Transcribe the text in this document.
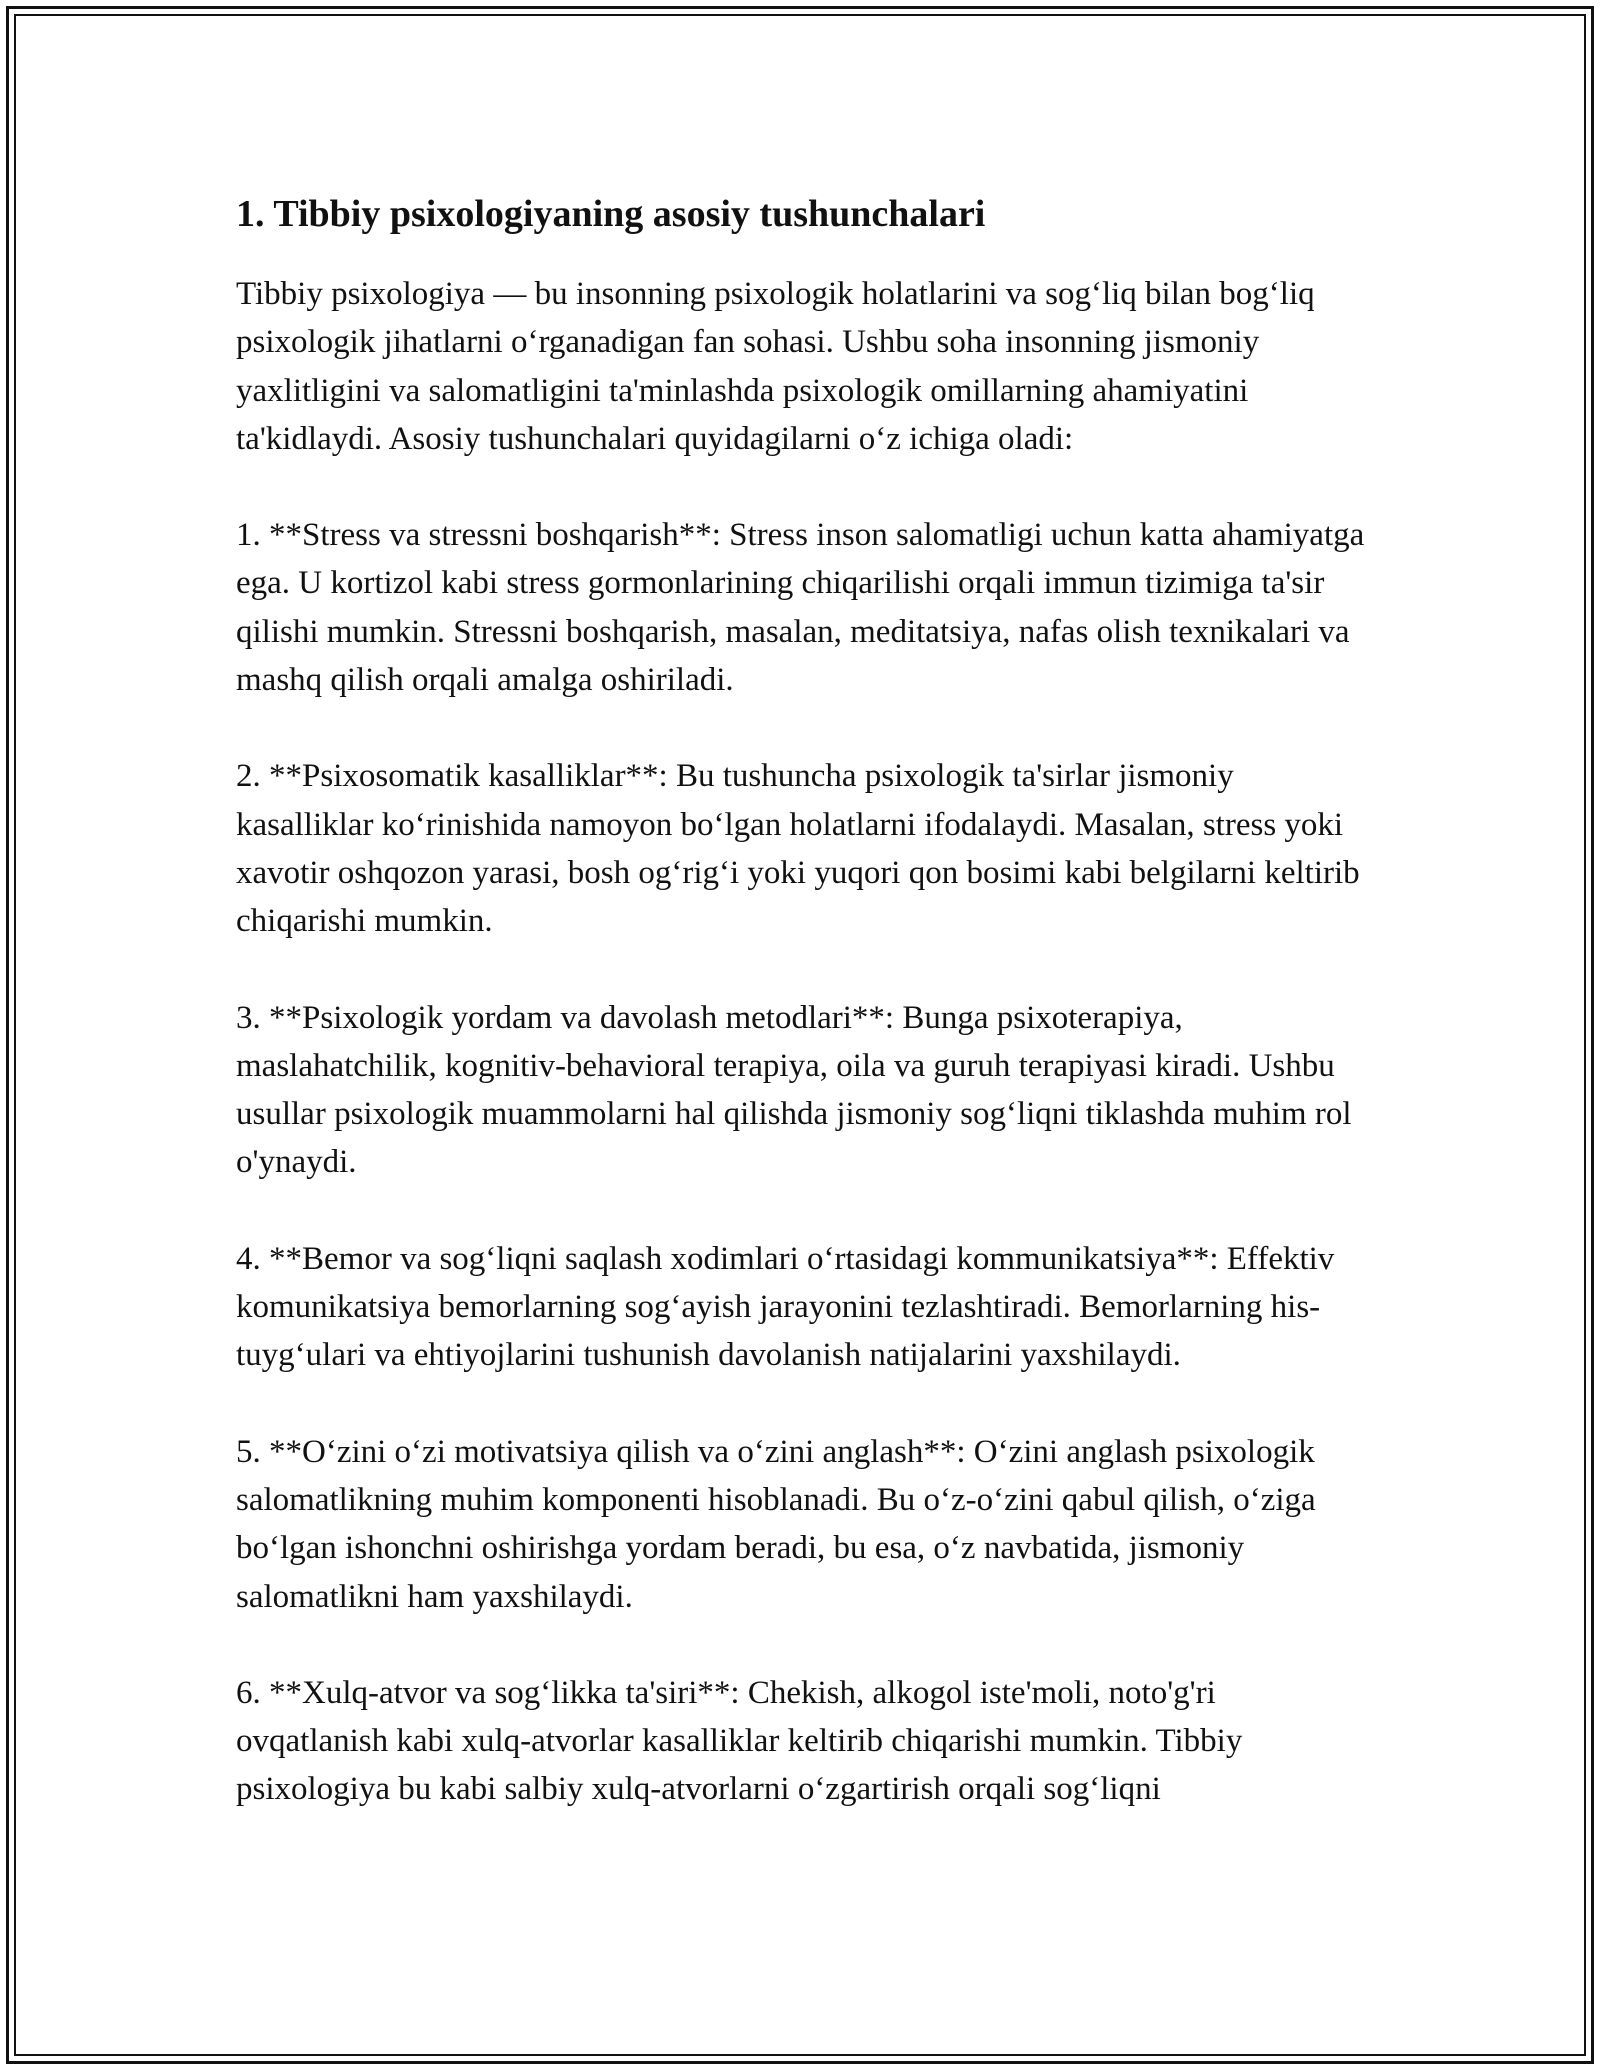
1. Tibbiy psixologiyaning asosiy tushunchalari

Tibbiy psixologiya — bu insonning psixologik holatlarini va sog‘liq bilan bog‘liq psixologik jihatlarni o‘rganadigan fan sohasi. Ushbu soha insonning jismoniy yaxlitligini va salomatligini ta'minlashda psixologik omillarning ahamiyatini ta'kidlaydi. Asosiy tushunchalari quyidagilarni o‘z ichiga oladi:

1. **Stress va stressni boshqarish**: Stress inson salomatligi uchun katta ahamiyatga ega. U kortizol kabi stress gormonlarining chiqarilishi orqali immun tizimiga ta'sir qilishi mumkin. Stressni boshqarish, masalan, meditatsiya, nafas olish texnikalari va mashq qilish orqali amalga oshiriladi.

2. **Psixosomatik kasalliklar**: Bu tushuncha psixologik ta'sirlar jismoniy kasalliklar ko‘rinishida namoyon bo‘lgan holatlarni ifodalaydi. Masalan, stress yoki xavotir oshqozon yarasi, bosh og‘rig‘i yoki yuqori qon bosimi kabi belgilarni keltirib chiqarishi mumkin.

3. **Psixologik yordam va davolash metodlari**: Bunga psixoterapiya, maslahatchilik, kognitiv-behavioral terapiya, oila va guruh terapiyasi kiradi. Ushbu usullar psixologik muammolarni hal qilishda jismoniy sog‘liqni tiklashda muhim rol o'ynaydi.

4. **Bemor va sog‘liqni saqlash xodimlari o‘rtasidagi kommunikatsiya**: Effektiv komunikatsiya bemorlarning sog‘ayish jarayonini tezlashtiradi. Bemorlarning his-tuyg‘ulari va ehtiyojlarini tushunish davolanish natijalarini yaxshilaydi.

5. **O‘zini o‘zi motivatsiya qilish va o‘zini anglash**: O‘zini anglash psixologik salomatlikning muhim komponenti hisoblanadi. Bu o‘z-o‘zini qabul qilish, o‘ziga bo‘lgan ishonchni oshirishga yordam beradi, bu esa, o‘z navbatida, jismoniy salomatlikni ham yaxshilaydi.

6. **Xulq-atvor va sog‘likka ta'siri**: Chekish, alkogol iste'moli, noto'g'ri ovqatlanish kabi xulq-atvorlar kasalliklar keltirib chiqarishi mumkin. Tibbiy psixologiya bu kabi salbiy xulq-atvorlarni o‘zgartirish orqali sog‘liqni
